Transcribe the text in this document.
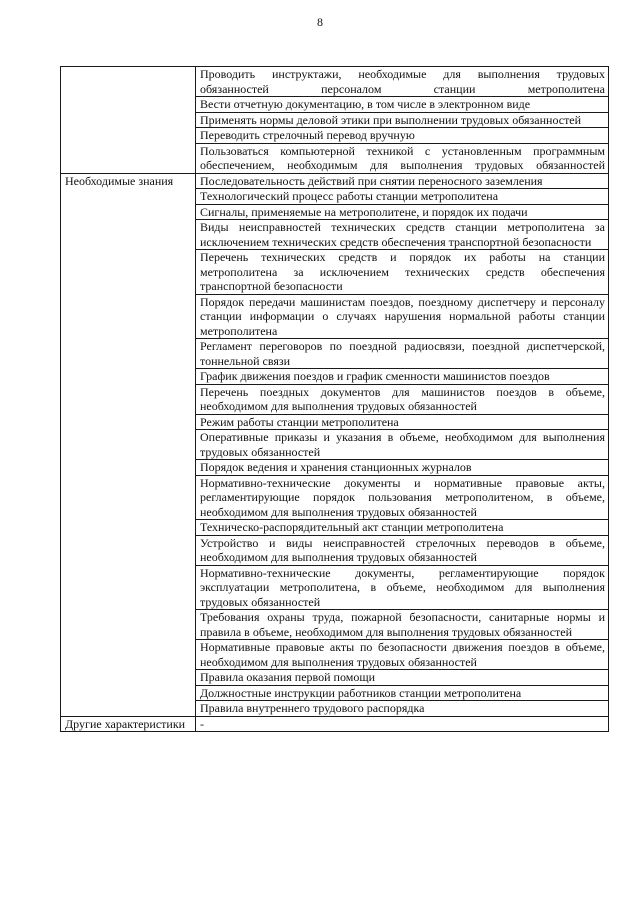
8
	Проводить инструктажи, необходимые для выполнения трудовых обязанностей персоналом станции метрополитена
	Вести отчетную документацию, в том числе в электронном виде
	Применять нормы деловой этики при выполнении трудовых обязанностей
	Переводить стрелочный перевод вручную
	Пользоваться компьютерной техникой с установленным программным обеспечением, необходимым для выполнения трудовых обязанностей
Необходимые знания	Последовательность действий при снятии переносного заземления
	Технологический процесс работы станции метрополитена
	Сигналы, применяемые на метрополитене, и порядок их подачи
	Виды неисправностей технических средств станции метрополитена за исключением технических средств обеспечения транспортной безопасности
	Перечень технических средств и порядок их работы на станции метрополитена за исключением технических средств обеспечения транспортной безопасности
	Порядок передачи машинистам поездов, поездному диспетчеру и персоналу станции информации о случаях нарушения нормальной работы станции метрополитена
	Регламент переговоров по поездной радиосвязи, поездной диспетчерской, тоннельной связи
	График движения поездов и график сменности машинистов поездов
	Перечень поездных документов для машинистов поездов в объеме, необходимом для выполнения трудовых обязанностей
	Режим работы станции метрополитена
	Оперативные приказы и указания в объеме, необходимом для выполнения трудовых обязанностей
	Порядок ведения и хранения станционных журналов
	Нормативно-технические документы и нормативные правовые акты, регламентирующие порядок пользования метрополитеном, в объеме, необходимом для выполнения трудовых обязанностей
	Техническо-распорядительный акт станции метрополитена
	Устройство и виды неисправностей стрелочных переводов в объеме, необходимом для выполнения трудовых обязанностей
	Нормативно-технические документы, регламентирующие порядок эксплуатации метрополитена, в объеме, необходимом для выполнения трудовых обязанностей
	Требования охраны труда, пожарной безопасности, санитарные нормы и правила в объеме, необходимом для выполнения трудовых обязанностей
	Нормативные правовые акты по безопасности движения поездов в объеме, необходимом для выполнения трудовых обязанностей
	Правила оказания первой помощи
	Должностные инструкции работников станции метрополитена
	Правила внутреннего трудового распорядка
Другие характеристики	-
